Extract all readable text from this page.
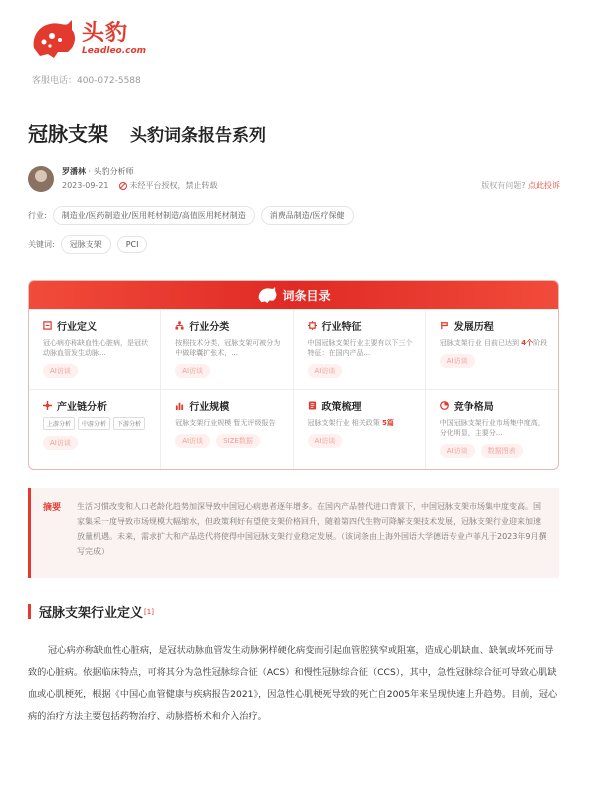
头豹
Leadleo.com
客服电话：400-072-5588
冠脉支架 头豹词条报告系列
罗潘林 · 头豹分析师
2023-09-21	未经平台授权，禁止转载	版权有问题? 点此投诉
行业:	制造业/医药制造业/医用耗材制造/高值医用耗材制造	消费品制造/医疗保健
关键词:	冠脉支架	PCI
词条目录
行业定义
冠心病亦称缺血性心脏病，是冠状动脉血管发生动脉...
AI访谈
行业分类
按照技术分类，冠脉支架可被分为中做球囊扩张术，...
AI访谈
行业特征
中国冠脉支架行业主要有以下三个特征：在国内产品...
AI访谈
发展历程
冠脉支架行业 目前已达到 4个阶段
AI访谈
产业链分析
上游分析	中游分析	下游分析
AI访谈
行业规模
冠脉支架行业规模 暂无评级报告
AI访谈	SIZE数据
政策梳理
冠脉支架行业 相关政策 5篇
AI访谈
竞争格局
中国冠脉支架行业市场集中度高，分化明显，主要分...
AI访谈	数据图表
摘要 生活习惯改变和人口老龄化趋势加深导致中国冠心病患者逐年增多。在国内产品替代进口背景下，中国冠脉支架市场集中度变高。国家集采一度导致市场规模大幅缩水，但政策利好有望使支架价格回升，随着第四代生物可降解支架技术发展，冠脉支架行业迎来加速放量机遇。未来，需求扩大和产品迭代将使得中国冠脉支架行业稳定发展。（该词条由上海外国语大学德语专业卢菲凡于2023年9月撰写完成）
冠脉支架行业定义 [1]
冠心病亦称缺血性心脏病，是冠状动脉血管发生动脉粥样硬化病变而引起血管腔狭窄或阻塞，造成心肌缺血、缺氧或坏死而导致的心脏病。依据临床特点，可将其分为急性冠脉综合征（ACS）和慢性冠脉综合征（CCS），其中，急性冠脉综合征可导致心肌缺血或心肌梗死，根据《中国心血管健康与疾病报告2021》，因急性心肌梗死导致的死亡自2005年来呈现快速上升趋势。目前，冠心病的治疗方法主要包括药物治疗、动脉搭桥术和介入治疗。
